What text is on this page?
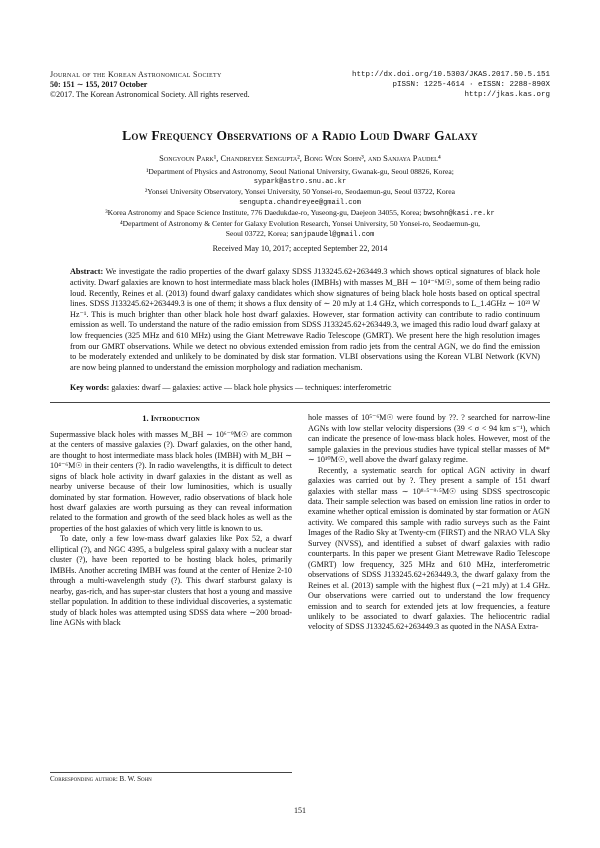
Journal of the Korean Astronomical Society
50: 151 ∼ 155, 2017 October
©2017. The Korean Astronomical Society. All rights reserved.
http://dx.doi.org/10.5303/JKAS.2017.50.5.151
pISSN: 1225-4614 · eISSN: 2288-890X
http://jkas.kas.org
Low Frequency Observations of a Radio Loud Dwarf Galaxy
Songyoun Park¹, Chandreyee Sengupta², Bong Won Sohn³, and Sanjaya Paudel⁴
¹Department of Physics and Astronomy, Seoul National University, Gwanak-gu, Seoul 08826, Korea;
sypark@astro.snu.ac.kr
²Yonsei University Observatory, Yonsei University, 50 Yonsei-ro, Seodaemun-gu, Seoul 03722, Korea
sengupta.chandreyee@gmail.com
³Korea Astronomy and Space Science Institute, 776 Daedukdae-ro, Yuseong-gu, Daejeon 34055, Korea; bwsohn@kasi.re.kr
⁴Department of Astronomy & Center for Galaxy Evolution Research, Yonsei University, 50 Yonsei-ro, Seodaemun-gu,
Seoul 03722, Korea; sanjpaudel@gmail.com
Received May 10, 2017; accepted September 22, 2014
Abstract: We investigate the radio properties of the dwarf galaxy SDSS J133245.62+263449.3 which shows optical signatures of black hole activity. Dwarf galaxies are known to host intermediate mass black holes (IMBHs) with masses M_BH ∼ 10⁴⁻⁶M☉, some of them being radio loud. Recently, Reines et al. (2013) found dwarf galaxy candidates which show signatures of being black hole hosts based on optical spectral lines. SDSS J133245.62+263449.3 is one of them; it shows a flux density of ∼ 20 mJy at 1.4 GHz, which corresponds to L_1.4GHz ∼ 10²³ W Hz⁻¹. This is much brighter than other black hole host dwarf galaxies. However, star formation activity can contribute to radio continuum emission as well. To understand the nature of the radio emission from SDSS J133245.62+263449.3, we imaged this radio loud dwarf galaxy at low frequencies (325 MHz and 610 MHz) using the Giant Metrewave Radio Telescope (GMRT). We present here the high resolution images from our GMRT observations. While we detect no obvious extended emission from radio jets from the central AGN, we do find the emission to be moderately extended and unlikely to be dominated by disk star formation. VLBI observations using the Korean VLBI Network (KVN) are now being planned to understand the emission morphology and radiation mechanism.
Key words: galaxies: dwarf — galaxies: active — black hole physics — techniques: interferometric
1. Introduction

Supermassive black holes with masses M_BH ∼ 10⁶⁻⁹M☉ are common at the centers of massive galaxies (?). Dwarf galaxies, on the other hand, are thought to host intermediate mass black holes (IMBH) with M_BH ∼ 10⁴⁻⁶M☉ in their centers (?). In radio wavelengths, it is difficult to detect signs of black hole activity in dwarf galaxies in the distant as well as nearby universe because of their low luminosities, which is usually dominated by star formation. However, radio observations of black hole host dwarf galaxies are worth pursuing as they can reveal information related to the formation and growth of the seed black holes as well as the properties of the host galaxies of which very little is known to us.

To date, only a few low-mass dwarf galaxies like Pox 52, a dwarf elliptical (?), and NGC 4395, a bulgeless spiral galaxy with a nuclear star cluster (?), have been reported to be hosting black holes, primarily IMBHs. Another accreting IMBH was found at the center of Henize 2-10 through a multi-wavelength study (?). This dwarf starburst galaxy is nearby, gas-rich, and has super-star clusters that host a young and massive stellar population. In addition to these individual discoveries, a systematic study of black holes was attempted using SDSS data where ∼200 broad-line AGNs with black

hole masses of 10⁵⁻⁶M☉ were found by ??. ? searched for narrow-line AGNs with low stellar velocity dispersions (39 < σ < 94 km s⁻¹), which can indicate the presence of low-mass black holes. However, most of the sample galaxies in the previous studies have typical stellar masses of M* ∼ 10¹⁰M☉, well above the dwarf galaxy regime.

Recently, a systematic search for optical AGN activity in dwarf galaxies was carried out by ?. They present a sample of 151 dwarf galaxies with stellar mass ∼ 10⁸·⁵⁻⁹·⁵M☉ using SDSS spectroscopic data. Their sample selection was based on emission line ratios in order to examine whether optical emission is dominated by star formation or AGN activity. We compared this sample with radio surveys such as the Faint Images of the Radio Sky at Twenty-cm (FIRST) and the NRAO VLA Sky Survey (NVSS), and identified a subset of dwarf galaxies with radio counterparts. In this paper we present Giant Metrewave Radio Telescope (GMRT) low frequency, 325 MHz and 610 MHz, interferometric observations of SDSS J133245.62+263449.3, the dwarf galaxy from the Reines et al. (2013) sample with the highest flux (∼21 mJy) at 1.4 GHz. Our observations were carried out to understand the low frequency emission and to search for extended jets at low frequencies, a feature unlikely to be associated to dwarf galaxies. The heliocentric radial velocity of SDSS J133245.62+263449.3 as quoted in the NASA Extra-

Corresponding author: B. W. Sohn
151
